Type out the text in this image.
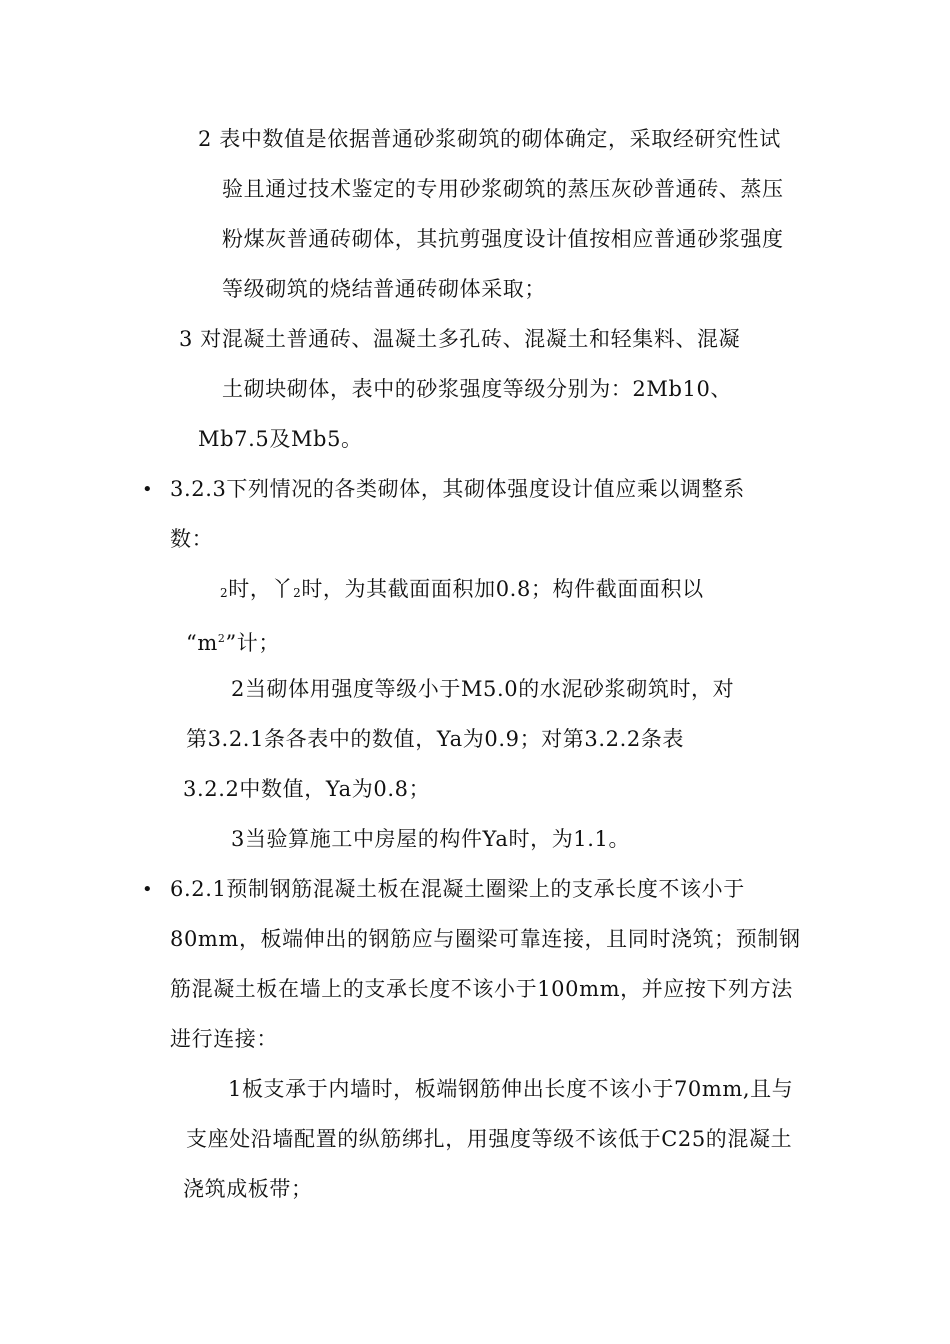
2 表中数值是依据普通砂浆砌筑的砌体确定，采取经研究性试
验且通过技术鉴定的专用砂浆砌筑的蒸压灰砂普通砖、蒸压
粉煤灰普通砖砌体，其抗剪强度设计值按相应普通砂浆强度
等级砌筑的烧结普通砖砌体采取；
3 对混凝土普通砖、温凝土多孔砖、混凝土和轻集料、混凝
土砌块砌体，表中的砂浆强度等级分别为：2Mb10、
Mb7.5及Mb5。
• 3.2.3下列情况的各类砌体，其砌体强度设计值应乘以调整系
数：
2时，丫2时，为其截面面积加0.8；构件截面面积以
“$m^2$”计；
2当砌体用强度等级小于M5.0的水泥砂浆砌筑时，对
第3.2.1条各表中的数值，Ya为0.9；对第3.2.2条表
3.2.2中数值，Ya为0.8；
3当验算施工中房屋的构件Ya时，为1.1。
• 6.2.1预制钢筋混凝土板在混凝土圈梁上的支承长度不该小于
80mm，板端伸出的钢筋应与圈梁可靠连接，且同时浇筑；预制钢
筋混凝土板在墙上的支承长度不该小于100mm，并应按下列方法
进行连接：
1板支承于内墙时，板端钢筋伸出长度不该小于70mm,且与
支座处沿墙配置的纵筋绑扎，用强度等级不该低于C25的混凝土
浇筑成板带；
